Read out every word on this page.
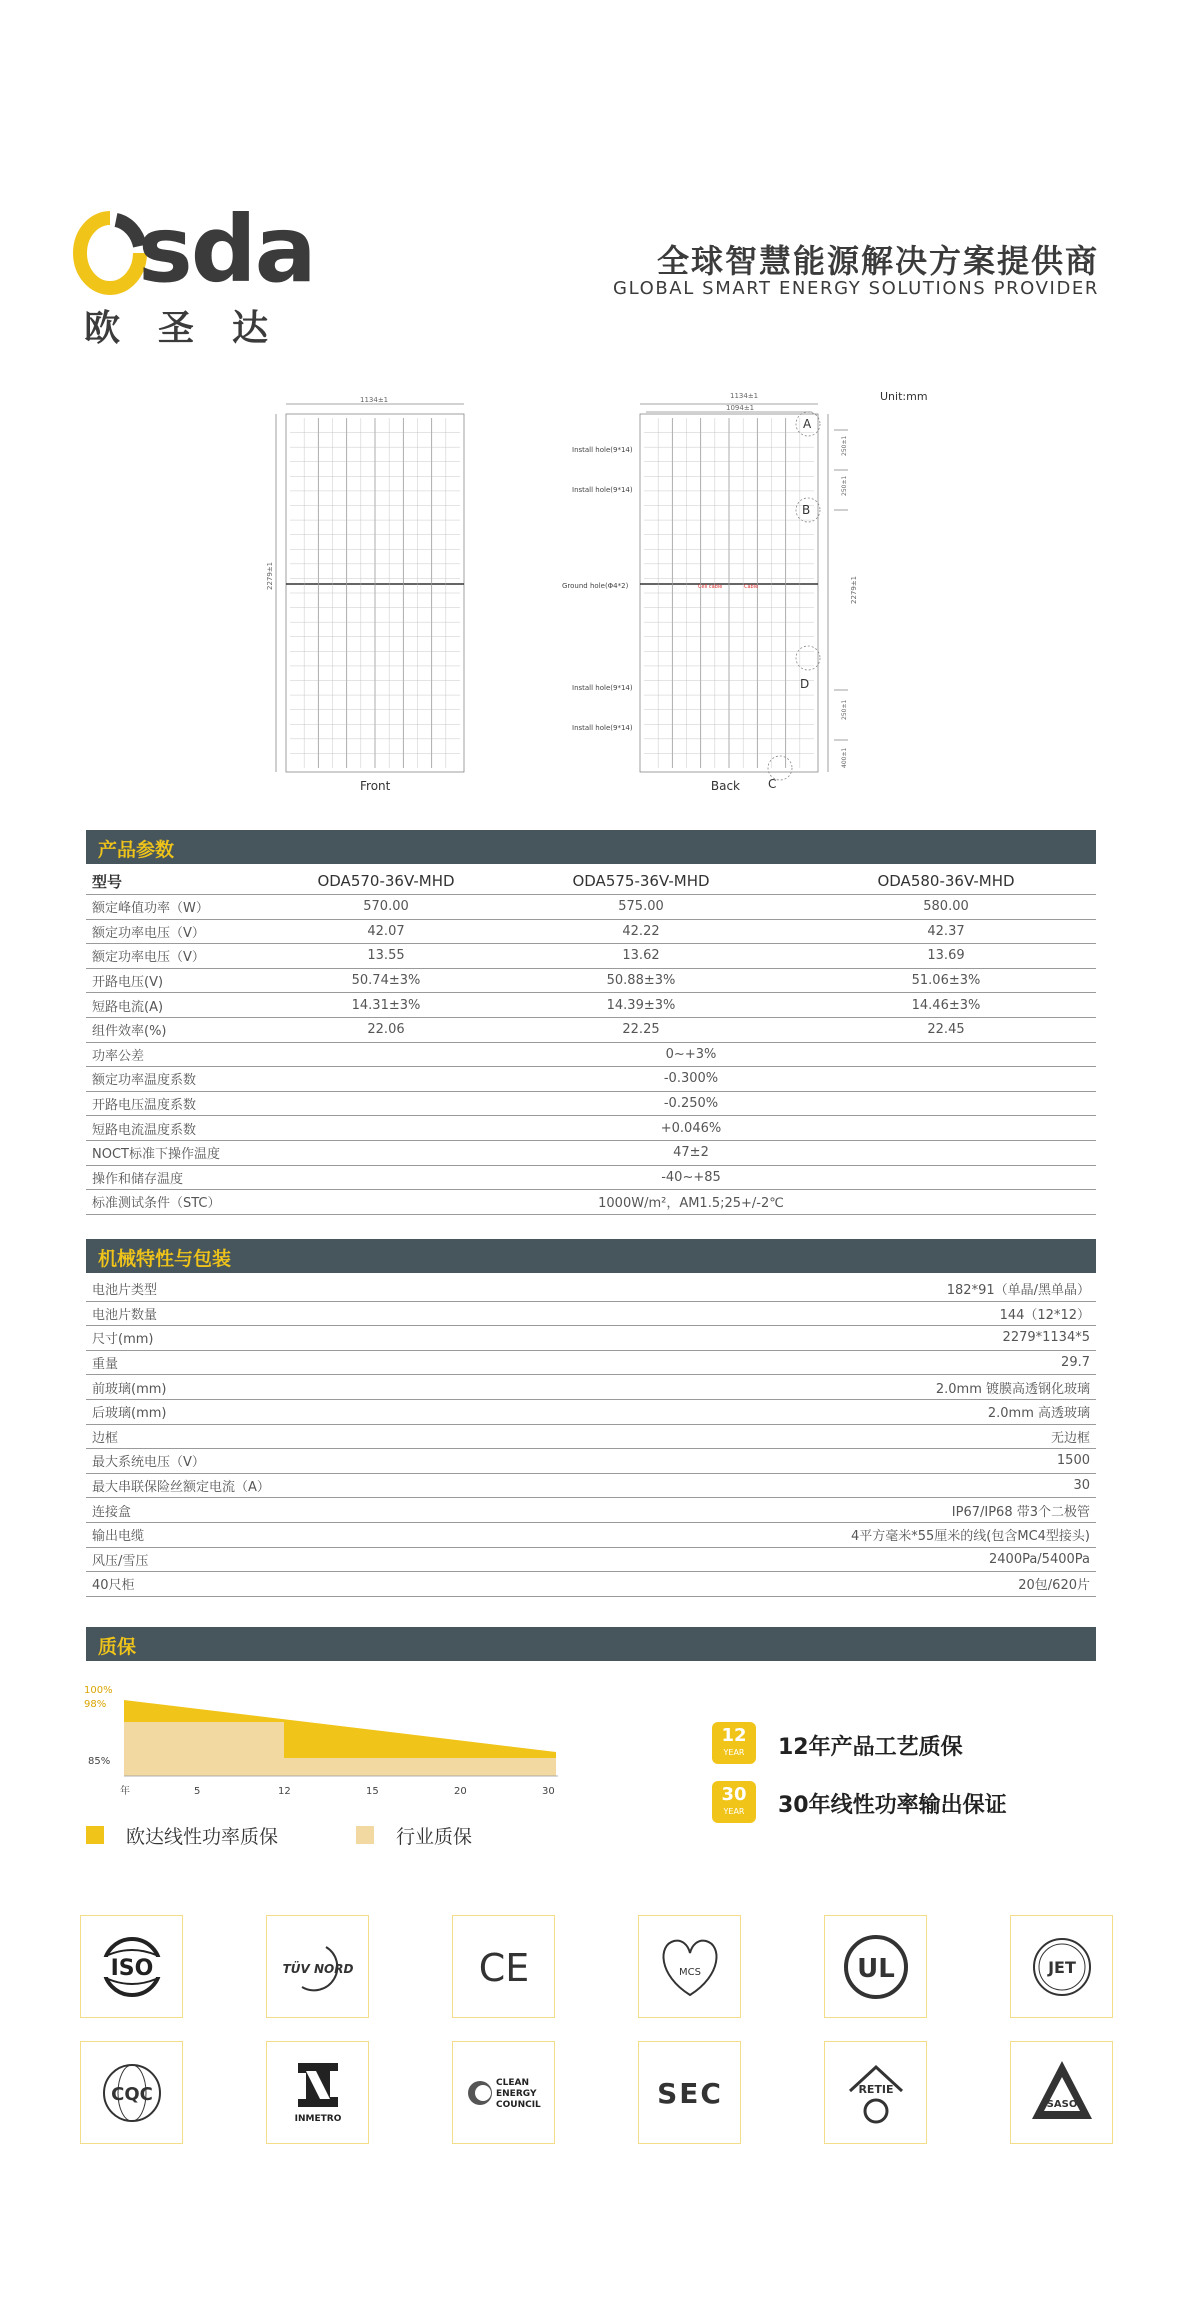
sda
欧圣达
全球智慧能源解决方案提供商
GLOBAL SMART ENERGY SOLUTIONS PROVIDER
1134±1
2279±1
Front
1134±1
1094±1
2279±1
250±1
250±1
250±1
400±1
A
B
D
C
Back
Install hole(9*14)
Install hole(9*14)
Ground hole(Φ4*2)
Install hole(9*14)
Install hole(9*14)
Cell cable	Cable
Unit:mm
产品参数
型号	ODA570-36V-MHD	ODA575-36V-MHD	ODA580-36V-MHD
额定峰值功率（W）	570.00	575.00	580.00
额定功率电压（V）	42.07	42.22	42.37
额定功率电压（V）	13.55	13.62	13.69
开路电压(V)	50.74±3%	50.88±3%	51.06±3%
短路电流(A)	14.31±3%	14.39±3%	14.46±3%
组件效率(%)	22.06	22.25	22.45
功率公差	0~+3%		
额定功率温度系数	-0.300%		
开路电压温度系数	-0.250%		
短路电流温度系数	+0.046%		
NOCT标准下操作温度	47±2		
操作和储存温度	-40~+85		
标准测试条件（STC）	1000W/m²，AM1.5;25+/-2℃		
机械特性与包装
电池片类型	182*91（单晶/黑单晶）
电池片数量	144（12*12）
尺寸(mm)	2279*1134*5
重量	29.7
前玻璃(mm)	2.0mm 镀膜高透钢化玻璃
后玻璃(mm)	2.0mm 高透玻璃
边框	无边框
最大系统电压（V）	1500
最大串联保险丝额定电流（A）	30
连接盒	IP67/IP68 带3个二极管
输出电缆	4平方毫米*55厘米的线(包含MC4型接头)
风压/雪压	2400Pa/5400Pa
40尺柜	20包/620片
质保
100%
98%
85%
年	5	12	15	20	30
欧达线性功率质保	行业质保
12
YEAR	12年产品工艺质保
30
YEAR	30年线性功率输出保证
ISO	TÜV NORD	CE	MCS	UL	JET
CQC
INMETRO
CLEAN
ENERGY
COUNCIL	SEC	RETIE
SASO
